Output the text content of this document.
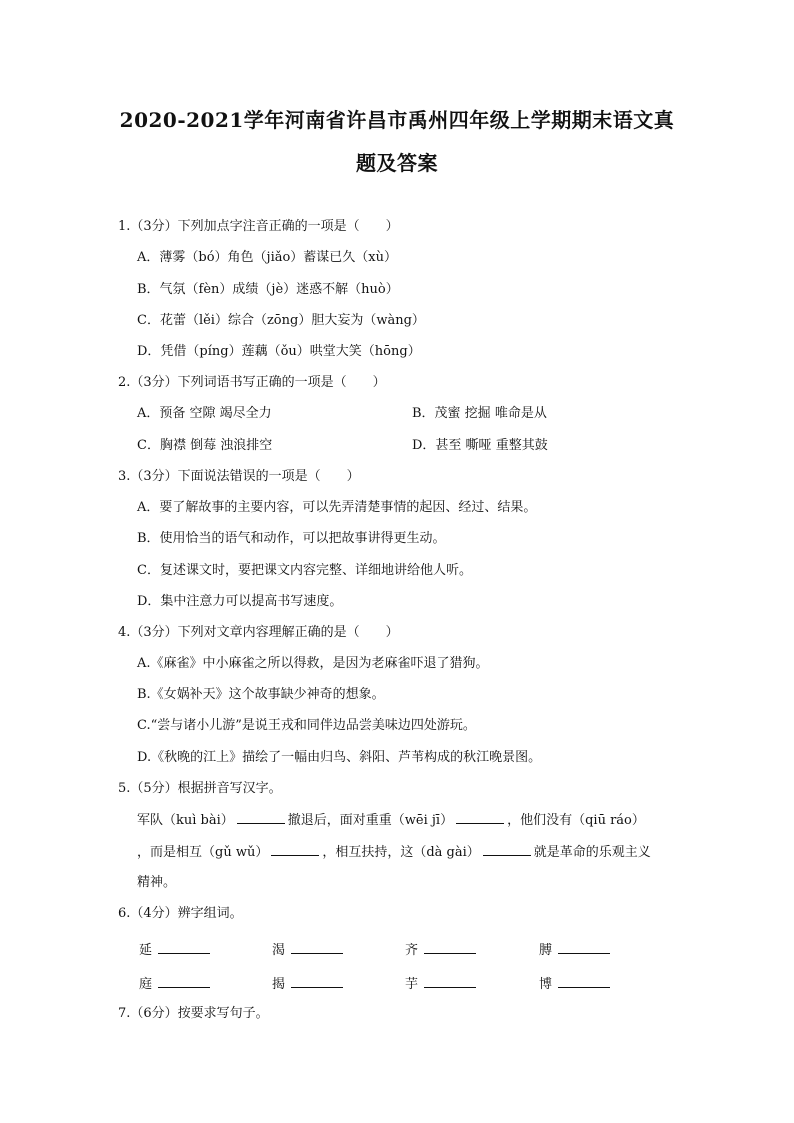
2020-2021学年河南省许昌市禹州四年级上学期期末语文真
题及答案
1.（3分）下列加点字注音正确的一项是（　　）
A．薄雾（bó）角色（jiǎo）蓄谋已久（xù）
B．气氛（fèn）成绩（jè）迷惑不解（huò）
C．花蕾（lěi）综合（zōng）胆大妄为（wàng）
D．凭借（píng）莲藕（ǒu）哄堂大笑（hōng）
2.（3分）下列词语书写正确的一项是（　　）
A．预备 空隙 竭尽全力	B．茂蜜 挖掘 唯命是从
C．胸襟 倒莓 浊浪排空	D．甚至 嘶哑 重整其鼓
3.（3分）下面说法错误的一项是（　　）
A．要了解故事的主要内容，可以先弄清楚事情的起因、经过、结果。
B．使用恰当的语气和动作，可以把故事讲得更生动。
C．复述课文时，要把课文内容完整、详细地讲给他人听。
D．集中注意力可以提高书写速度。
4.（3分）下列对文章内容理解正确的是（　　）
A.《麻雀》中小麻雀之所以得救，是因为老麻雀吓退了猎狗。
B.《女娲补天》这个故事缺少神奇的想象。
C.“尝与诸小儿游”是说王戎和同伴边品尝美味边四处游玩。
D.《秋晚的江上》描绘了一幅由归鸟、斜阳、芦苇构成的秋江晚景图。
5.（5分）根据拼音写汉字。
军队（kuì bài）	撤退后，面对重重（wēi jī）	，他们没有（qiū ráo）
，而是相互（gǔ wǔ）	，相互扶持，这（dà gài）	就是革命的乐观主义
精神。
6.（4分）辨字组词。
延	渴	齐	膊
庭	揭	芋	博
7.（6分）按要求写句子。
